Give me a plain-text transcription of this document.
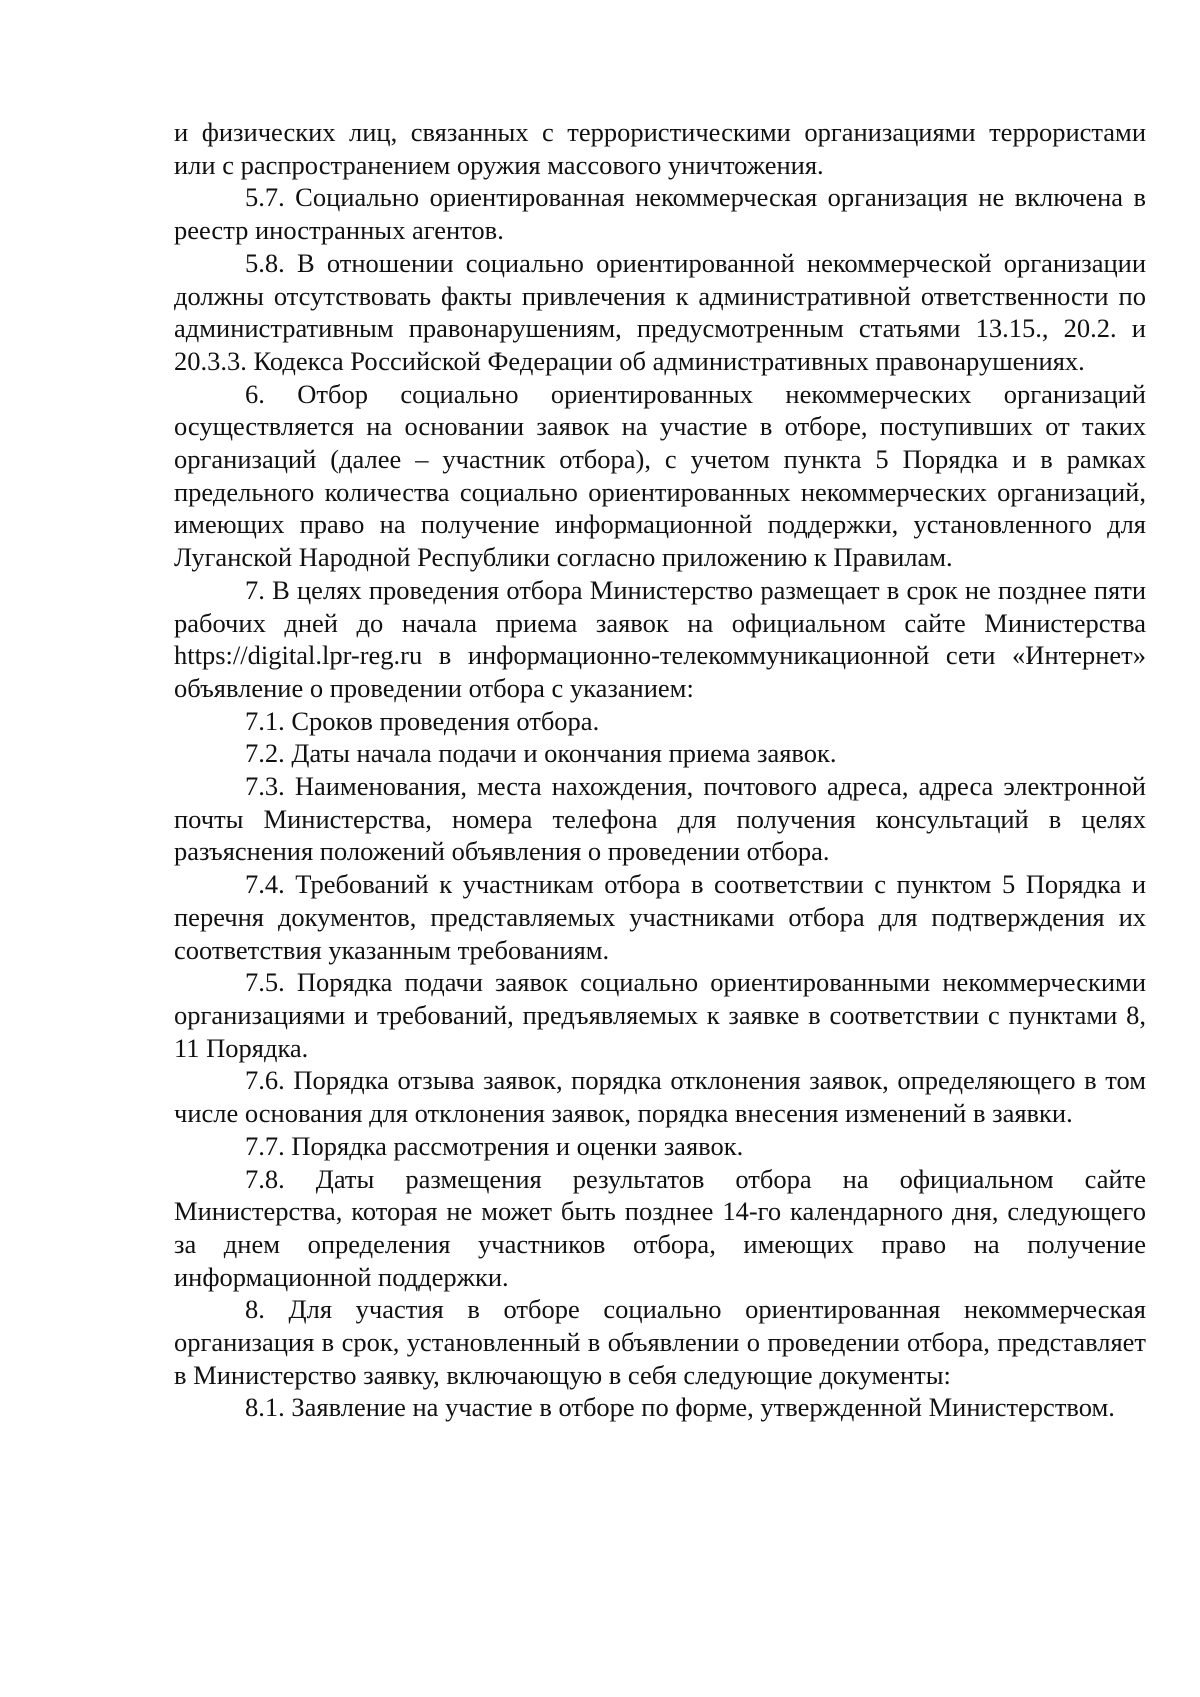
и физических лиц, связанных с террористическими организациями террористами или с распространением оружия массового уничтожения.

5.7. Социально ориентированная некоммерческая организация не включена в реестр иностранных агентов.

5.8. В отношении социально ориентированной некоммерческой организации должны отсутствовать факты привлечения к административной ответственности по административным правонарушениям, предусмотренным статьями 13.15., 20.2. и 20.3.3. Кодекса Российской Федерации об административных правонарушениях.

6. Отбор социально ориентированных некоммерческих организаций осуществляется на основании заявок на участие в отборе, поступивших от таких организаций (далее – участник отбора), с учетом пункта 5 Порядка и в рамках предельного количества социально ориентированных некоммерческих организаций, имеющих право на получение информационной поддержки, установленного для Луганской Народной Республики согласно приложению к Правилам.

7. В целях проведения отбора Министерство размещает в срок не позднее пяти рабочих дней до начала приема заявок на официальном сайте Министерства https://digital.lpr-reg.ru в информационно-телекоммуникационной сети «Интернет» объявление о проведении отбора с указанием:

7.1. Сроков проведения отбора.

7.2. Даты начала подачи и окончания приема заявок.

7.3. Наименования, места нахождения, почтового адреса, адреса электронной почты Министерства, номера телефона для получения консультаций в целях разъяснения положений объявления о проведении отбора.

7.4. Требований к участникам отбора в соответствии с пунктом 5 Порядка и перечня документов, представляемых участниками отбора для подтверждения их соответствия указанным требованиям.

7.5. Порядка подачи заявок социально ориентированными некоммерческими организациями и требований, предъявляемых к заявке в соответствии с пунктами 8, 11 Порядка.

7.6. Порядка отзыва заявок, порядка отклонения заявок, определяющего в том числе основания для отклонения заявок, порядка внесения изменений в заявки.

7.7. Порядка рассмотрения и оценки заявок.

7.8. Даты размещения результатов отбора на официальном сайте Министерства, которая не может быть позднее 14-го календарного дня, следующего за днем определения участников отбора, имеющих право на получение информационной поддержки.

8. Для участия в отборе социально ориентированная некоммерческая организация в срок, установленный в объявлении о проведении отбора, представляет в Министерство заявку, включающую в себя следующие документы:

8.1. Заявление на участие в отборе по форме, утвержденной Министерством.
